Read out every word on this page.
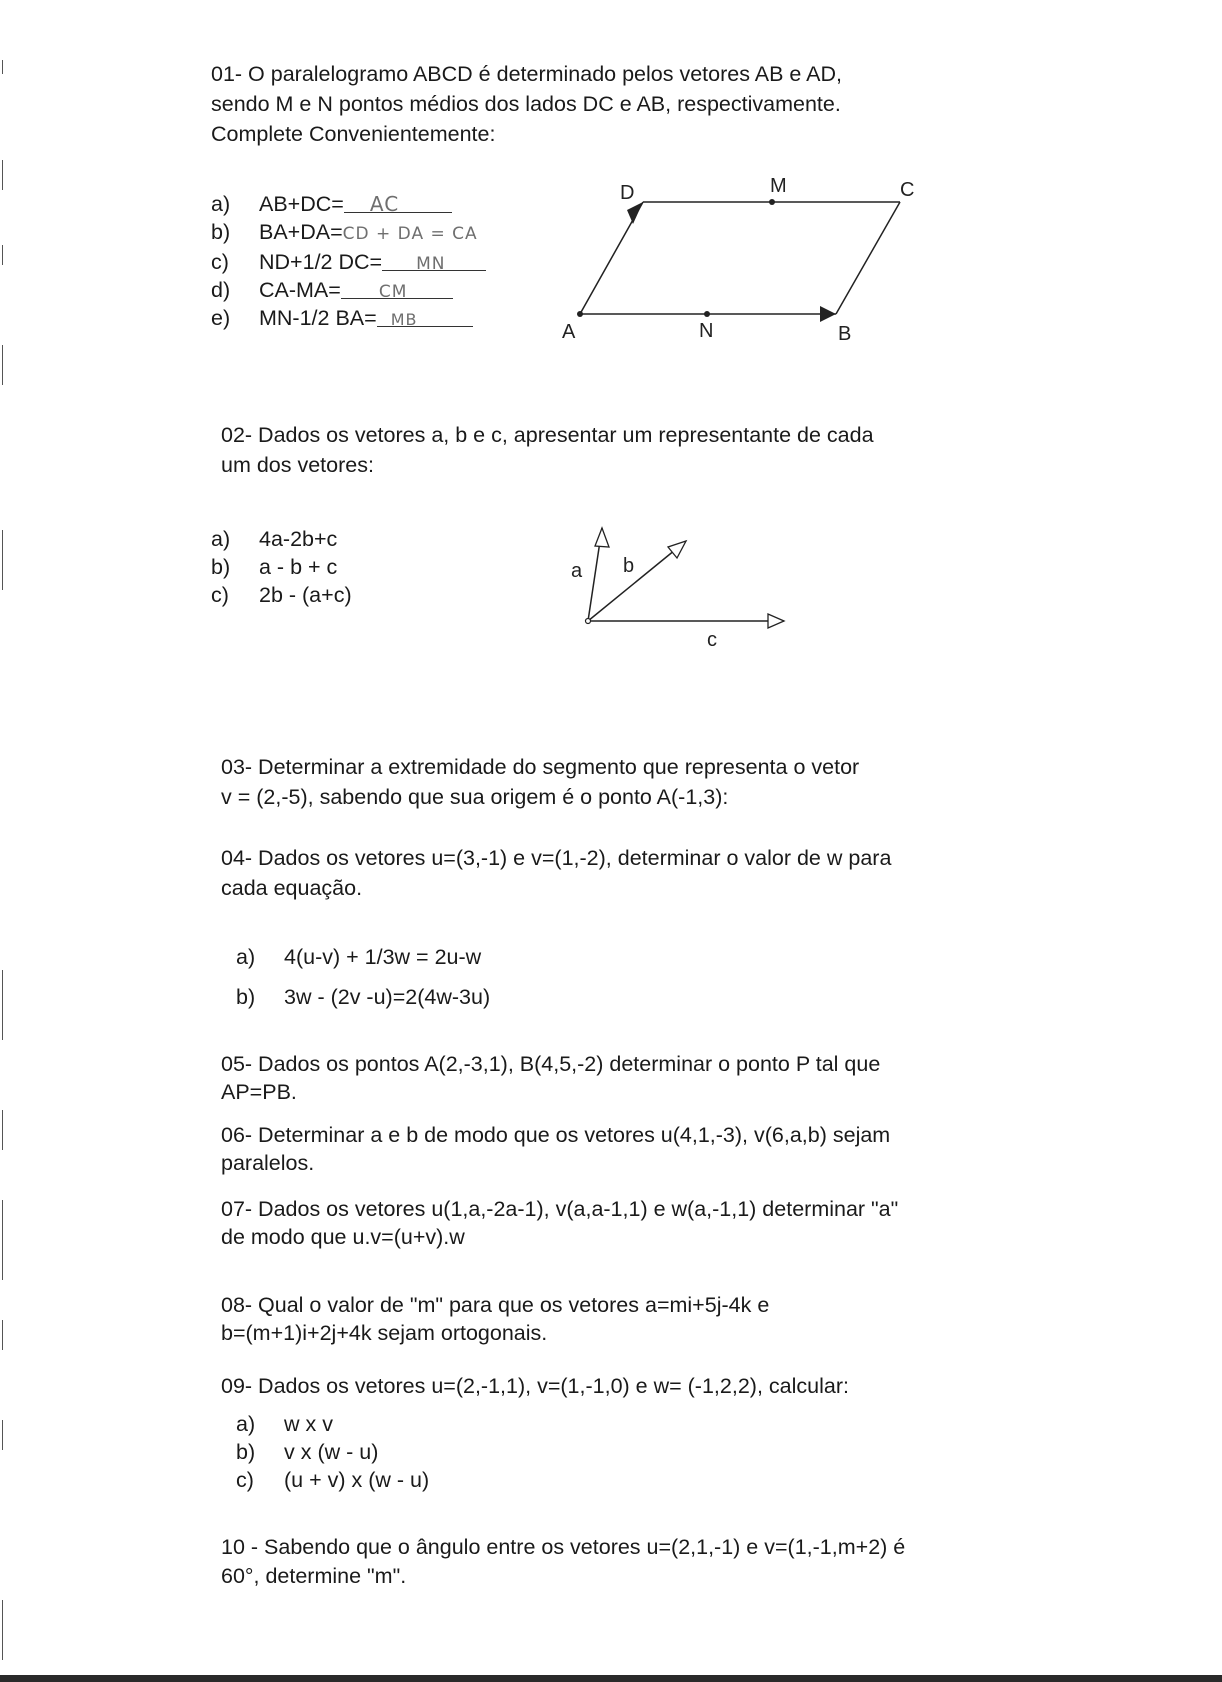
01- O paralelogramo ABCD é determinado pelos vetores AB e AD,
sendo M e N pontos médios dos lados DC e AB, respectivamente.
Complete Convenientemente:
a) AB+DC= AC
b) BA+DA=CD + DA = CA
c) ND+1/2 DC= MN
d) CA-MA= CM
e) MN-1/2 BA= MB
D	M	C
A	N	B
02- Dados os vetores a, b e c, apresentar um representante de cada
um dos vetores:
a) 4a-2b+c
b) a - b + c
c) 2b - (a+c)
a b
c
03- Determinar a extremidade do segmento que representa o vetor
v = (2,-5), sabendo que sua origem é o ponto A(-1,3):
04- Dados os vetores u=(3,-1) e v=(1,-2), determinar o valor de w para
cada equação.
a) 4(u-v) + 1/3w = 2u-w
b) 3w - (2v -u)=2(4w-3u)
05- Dados os pontos A(2,-3,1), B(4,5,-2) determinar o ponto P tal que
AP=PB.
06- Determinar a e b de modo que os vetores u(4,1,-3), v(6,a,b) sejam
paralelos.
07- Dados os vetores u(1,a,-2a-1), v(a,a-1,1) e w(a,-1,1) determinar "a"
de modo que u.v=(u+v).w
08- Qual o valor de "m" para que os vetores a=mi+5j-4k e
b=(m+1)i+2j+4k sejam ortogonais.
09- Dados os vetores u=(2,-1,1), v=(1,-1,0) e w= (-1,2,2), calcular:
a) w x v
b) v x (w - u)
c) (u + v) x (w - u)
10 - Sabendo que o ângulo entre os vetores u=(2,1,-1) e v=(1,-1,m+2) é
60°, determine "m".
